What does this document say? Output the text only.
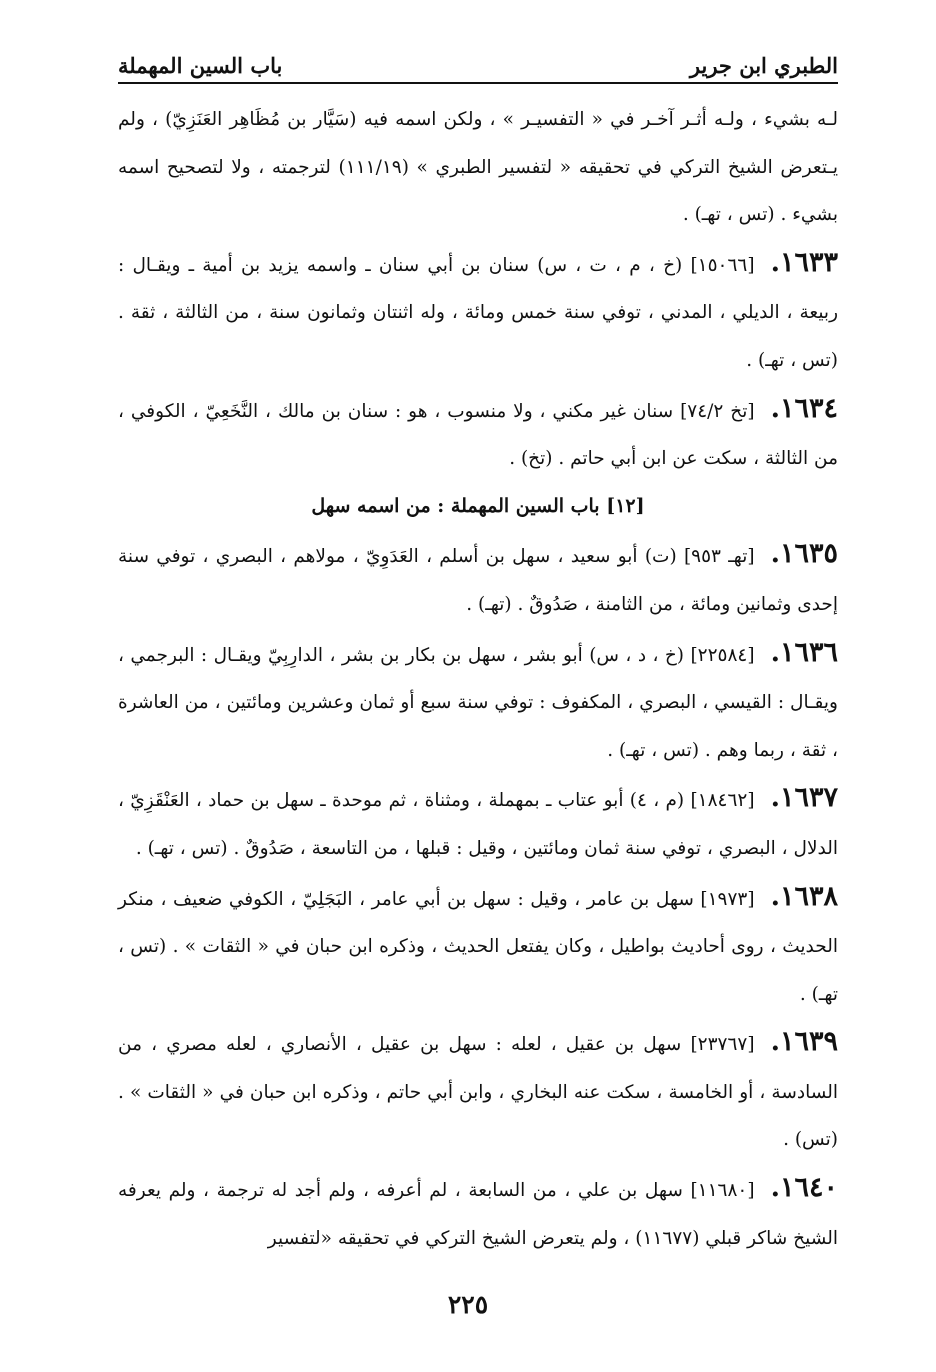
الطبري ابن جرير
باب السين المهملة

لـه بشيء ، ولـه أثـر آخـر في « التفسيـر » ، ولكن اسمه فيه (سَيَّار بن مُظَاهِر العَنَزِيّ) ، ولم يـتعرض الشيخ التركي في تحقيقه « لتفسير الطبري » (١١١/١٩) لترجمته ، ولا لتصحيح اسمه بشيء . (تس ، تهـ) .

١٦٣٣.[١٥٠٦٦] (خ ، م ، ت ، س) سنان بن أبي سنان ـ واسمه يزيد بن أمية ـ ويقـال : ربيعة ، الديلي ، المدني ، توفي سنة خمس ومائة ، وله اثنتان وثمانون سنة ، من الثالثة ، ثقة . (تس ، تهـ) .

١٦٣٤.[تخ ٧٤/٢] سنان غير مكني ، ولا منسوب ، هو : سنان بن مالك ، النَّخَعِيّ ، الكوفي ، من الثالثة ، سكت عن ابن أبي حاتم . (تخ) .

[١٢] باب السين المهملة : من اسمه سهل

١٦٣٥.[تهـ ٩٥٣] (ت) أبو سعيد ، سهل بن أسلم ، العَدَوِيّ ، مولاهم ، البصري ، توفي سنة إحدى وثمانين ومائة ، من الثامنة ، صَدُوقٌ . (تهـ) .

١٦٣٦.[٢٢٥٨٤] (خ ، د ، س) أبو بشر ، سهل بن بكار بن بشر ، الدارِبِيّ ويقـال : البرجمي ، ويقـال : القيسي ، البصري ، المكفوف : توفي سنة سبع أو ثمان وعشرين ومائتين ، من العاشرة ، ثقة ، ربما وهم . (تس ، تهـ) .

١٦٣٧.[١٨٤٦٢] (م ، ٤) أبو عتاب ـ بمهملة ، ومثناة ، ثم موحدة ـ سهل بن حماد ، العَنْقَزِيّ ، الدلال ، البصري ، توفي سنة ثمان ومائتين ، وقيل : قبلها ، من التاسعة ، صَدُوقٌ . (تس ، تهـ) .

١٦٣٨.[١٩٧٣] سهل بن عامر ، وقيل : سهل بن أبي عامر ، البَجَلِيّ ، الكوفي ضعيف ، منكر الحديث ، روى أحاديث بواطيل ، وكان يفتعل الحديث ، وذكره ابن حبان في « الثقات » . (تس ، تهـ) .

١٦٣٩.[٢٣٧٦٧] سهل بن عقيل ، لعله : سهل بن عقيل ، الأنصاري ، لعله مصري ، من السادسة ، أو الخامسة ، سكت عنه البخاري ، وابن أبي حاتم ، وذكره ابن حبان في « الثقات » . (تس) .

١٦٤٠.[١١٦٨٠] سهل بن علي ، من السابعة ، لم أعرفه ، ولم أجد له ترجمة ، ولم يعرفه الشيخ شاكر قبلي (١١٦٧٧) ، ولم يتعرض الشيخ التركي في تحقيقه «لتفسير

٢٢٥
